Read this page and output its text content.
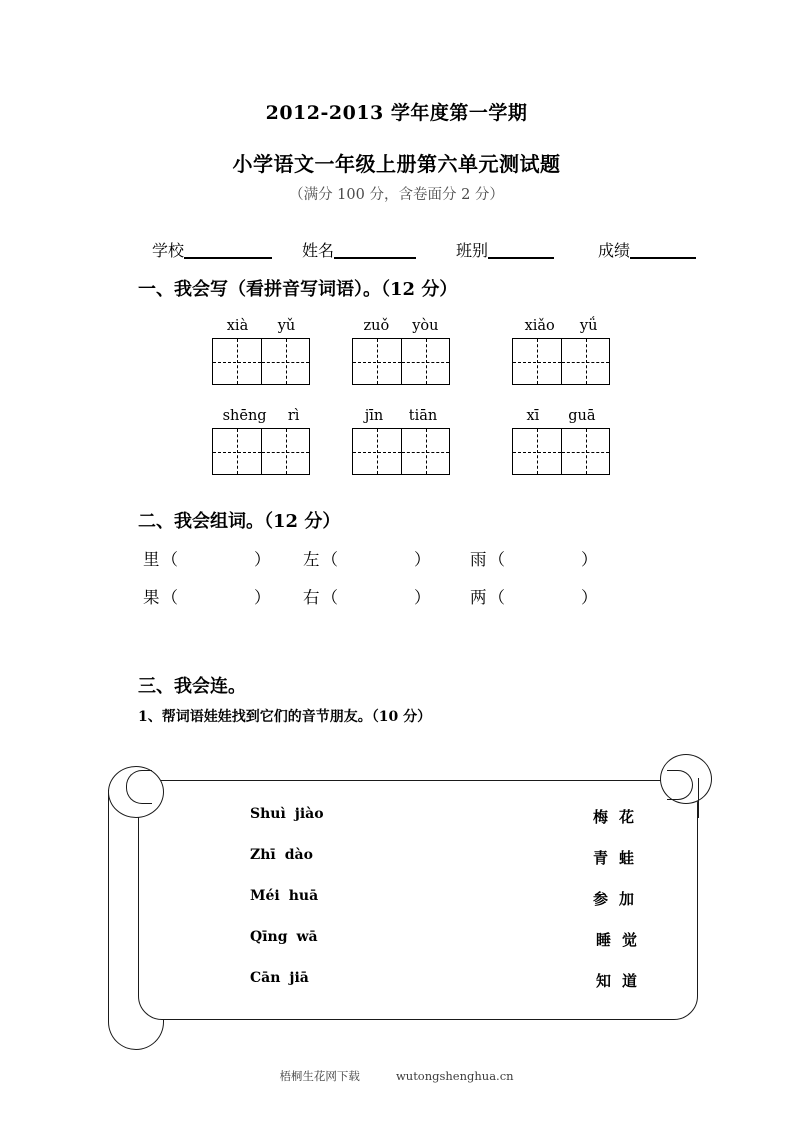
2012-2013 学年度第一学期
小学语文一年级上册第六单元测试题
（满分 100 分，含卷面分 2 分）
学校	姓名	班别	成绩
一、我会写（看拼音写词语）。（12 分）
xià yǔ	zuǒ yòu	xiǎo yǘ
shēng rì	jīn tiān	xī guā
二、我会组词。（12 分）
里 （	） 左 （	） 雨 （	）
果 （	） 右 （	） 两 （	）
三、我会连。
1、帮词语娃娃找到它们的音节朋友。（10 分）
Shuì jiào	梅 花
Zhī dào	青 蛙
Méi huā	参 加
Qīng wā	睡 觉
Cān jiā	知 道
梧桐生花网下载	wutongshenghua.cn
